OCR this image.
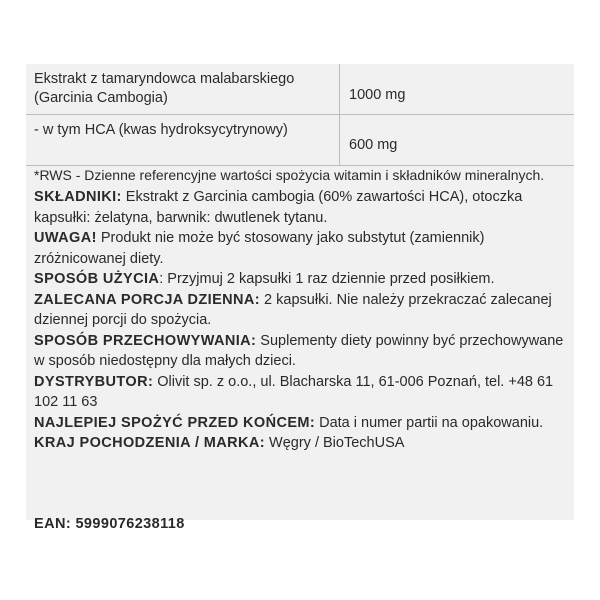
Ekstrakt z tamaryndowca malabarskiego (Garcinia Cambogia)	1000 mg
- w tym HCA (kwas hydroksycytrynowy)
600 mg
*RWS - Dzienne referencyjne wartości spożycia witamin i składników mineralnych.

SKŁADNIKI: Ekstrakt z Garcinia cambogia (60% zawartości HCA), otoczka kapsułki: żelatyna, barwnik: dwutlenek tytanu.

UWAGA! Produkt nie może być stosowany jako substytut (zamiennik) zróżnicowanej diety.

SPOSÓB UŻYCIA: Przyjmuj 2 kapsułki 1 raz dziennie przed posiłkiem.

ZALECANA PORCJA DZIENNA: 2 kapsułki. Nie należy przekraczać zalecanej dziennej porcji do spożycia.

SPOSÓB PRZECHOWYWANIA: Suplementy diety powinny być przechowywane w sposób niedostępny dla małych dzieci.

DYSTRYBUTOR: Olivit sp. z o.o., ul. Blacharska 11, 61-006 Poznań, tel. +48 61 102 11 63

NAJLEPIEJ SPOŻYĆ PRZED KOŃCEM: Data i numer partii na opakowaniu.

KRAJ POCHODZENIA / MARKA: Węgry / BioTechUSA

EAN: 5999076238118
